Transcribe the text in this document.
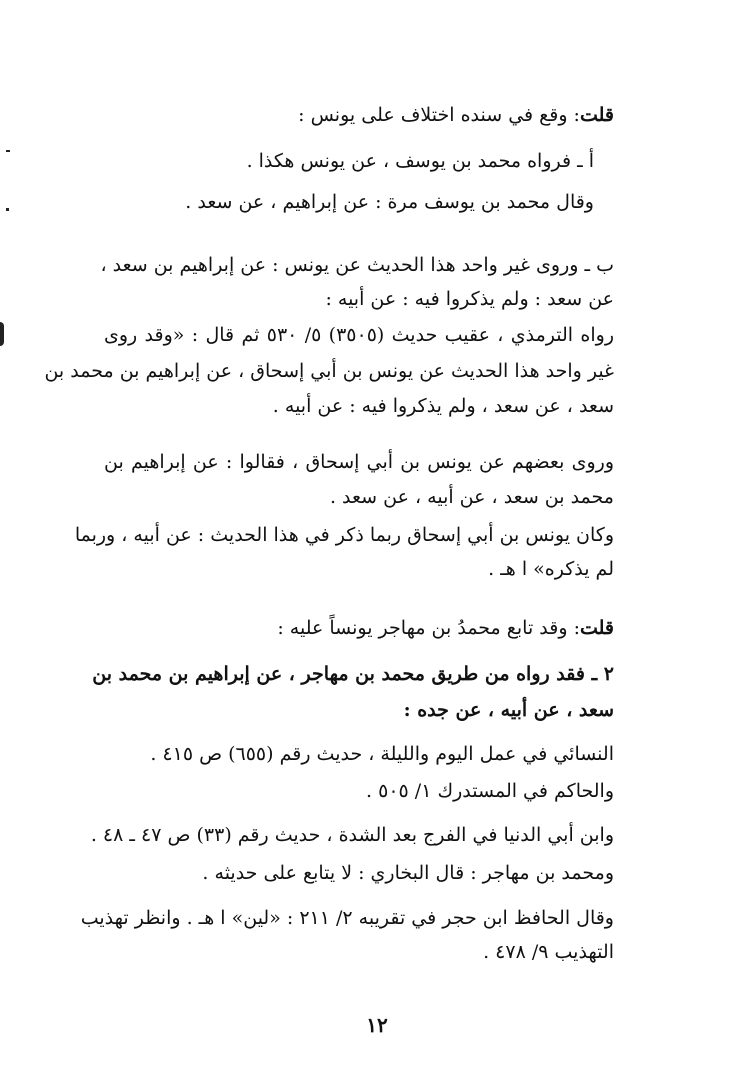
قلت: وقع في سنده اختلاف على يونس :
أ ـ فرواه محمد بن يوسف ، عن يونس هكذا .
وقال محمد بن يوسف مرة : عن إبراهيم ، عن سعد .
ب ـ وروى غير واحد هذا الحديث عن يونس : عن إبراهيم بن سعد ،
عن سعد : ولم يذكروا فيه : عن أبيه :
رواه الترمذي ، عقيب حديث (٣٥٠٥) ٥/ ٥٣٠ ثم قال : «وقد روى
غير واحد هذا الحديث عن يونس بن أبي إسحاق ، عن إبراهيم بن محمد بن
سعد ، عن سعد ، ولم يذكروا فيه : عن أبيه .
وروى بعضهم عن يونس بن أبي إسحاق ، فقالوا : عن إبراهيم بن
محمد بن سعد ، عن أبيه ، عن سعد .
وكان يونس بن أبي إسحاق ربما ذكر في هذا الحديث : عن أبيه ، وربما
لم يذكره» ا هـ .
قلت: وقد تابع محمدُ بن مهاجر يونساً عليه :
٢ ـ فقد رواه من طريق محمد بن مهاجر ، عن إبراهيم بن محمد بن
سعد ، عن أبيه ، عن جده :
النسائي في عمل اليوم والليلة ، حديث رقم (٦٥٥) ص ٤١٥ .
والحاكم في المستدرك ١/ ٥٠٥ .
وابن أبي الدنيا في الفرج بعد الشدة ، حديث رقم (٣٣) ص ٤٧ ـ ٤٨ .
ومحمد بن مهاجر : قال البخاري : لا يتابع على حديثه .
وقال الحافظ ابن حجر في تقريبه ٢/ ٢١١ : «لين» ا هـ . وانظر تهذيب
التهذيب ٩/ ٤٧٨ .
١٢
